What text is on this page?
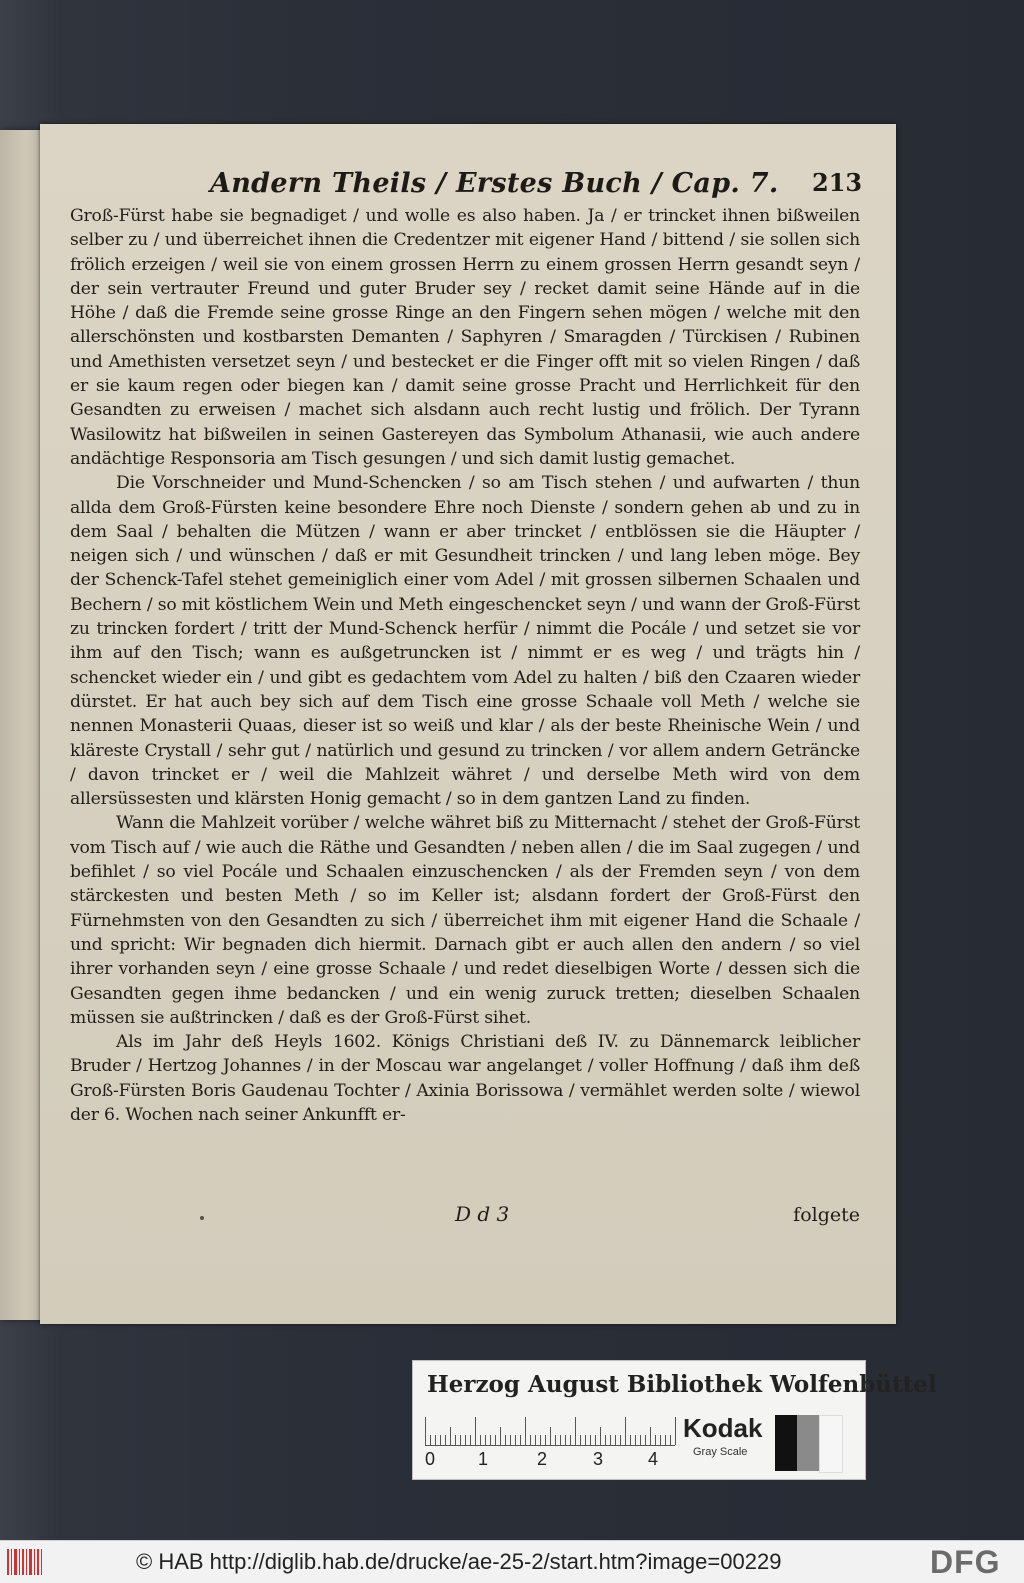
Andern Theils / Erstes Buch / Cap. 7.	213

Groß-Fürst habe sie begnadiget / und wolle es also haben. Ja / er trincket ihnen bißweilen selber zu / und überreichet ihnen die Credentzer mit eigener Hand / bittend / sie sollen sich frölich erzeigen / weil sie von einem grossen Herrn zu einem grossen Herrn gesandt seyn / der sein vertrauter Freund und guter Bruder sey / recket damit seine Hände auf in die Höhe / daß die Fremde seine grosse Ringe an den Fingern sehen mögen / welche mit den allerschönsten und kostbarsten Demanten / Saphyren / Smaragden / Türckisen / Rubinen und Amethisten versetzet seyn / und bestecket er die Finger offt mit so vielen Ringen / daß er sie kaum regen oder biegen kan / damit seine grosse Pracht und Herrlichkeit für den Gesandten zu erweisen / machet sich alsdann auch recht lustig und frölich. Der Tyrann Wasilowitz hat bißweilen in seinen Gastereyen das Symbolum Athanasii, wie auch andere andächtige Responsoria am Tisch gesungen / und sich damit lustig gemachet.

Die Vorschneider und Mund-Schencken / so am Tisch stehen / und aufwarten / thun allda dem Groß-Fürsten keine besondere Ehre noch Dienste / sondern gehen ab und zu in dem Saal / behalten die Mützen / wann er aber trincket / entblössen sie die Häupter / neigen sich / und wünschen / daß er mit Gesundheit trincken / und lang leben möge. Bey der Schenck-Tafel stehet gemeiniglich einer vom Adel / mit grossen silbernen Schaalen und Bechern / so mit köstlichem Wein und Meth eingeschencket seyn / und wann der Groß-Fürst zu trincken fordert / tritt der Mund-Schenck herfür / nimmt die Pocále / und setzet sie vor ihm auf den Tisch; wann es außgetruncken ist / nimmt er es weg / und trägts hin / schencket wieder ein / und gibt es gedachtem vom Adel zu halten / biß den Czaaren wieder dürstet. Er hat auch bey sich auf dem Tisch eine grosse Schaale voll Meth / welche sie nennen Monasterii Quaas, dieser ist so weiß und klar / als der beste Rheinische Wein / und klärеste Crystall / sehr gut / natürlich und gesund zu trincken / vor allem andern Geträncke / davon trincket er / weil die Mahlzeit währet / und derselbe Meth wird von dem allersüssesten und klärsten Honig gemacht / so in dem gantzen Land zu finden.

Wann die Mahlzeit vorüber / welche währet biß zu Mitternacht / stehet der Groß-Fürst vom Tisch auf / wie auch die Räthe und Gesandten / neben allen / die im Saal zugegen / und befihlet / so viel Pocále und Schaalen einzuschencken / als der Fremden seyn / von dem stärckesten und besten Meth / so im Keller ist; alsdann fordert der Groß-Fürst den Fürnehmsten von den Gesandten zu sich / überreichet ihm mit eigener Hand die Schaale / und spricht: Wir begnaden dich hiermit. Darnach gibt er auch allen den andern / so viel ihrer vorhanden seyn / eine grosse Schaale / und redet dieselbigen Worte / dessen sich die Gesandten gegen ihme bedancken / und ein wenig zuruck tretten; dieselben Schaalen müssen sie außtrincken / daß es der Groß-Fürst sihet.

Als im Jahr deß Heyls 1602. Königs Christiani deß IV. zu Dännemarck leiblicher Bruder / Hertzog Johannes / in der Moscau war angelanget / voller Hoffnung / daß ihm deß Groß-Fürsten Boris Gaudenau Tochter / Axinia Borissowa / vermählet werden solte / wiewol der 6. Wochen nach seiner Ankunfft er-

D d 3	folgete
Herzog August Bibliothek Wolfenbüttel
0 1	2	3 4
Kodak
Gray Scale
© HAB http://diglib.hab.de/drucke/ae-25-2/start.htm?image=00229	DFG
